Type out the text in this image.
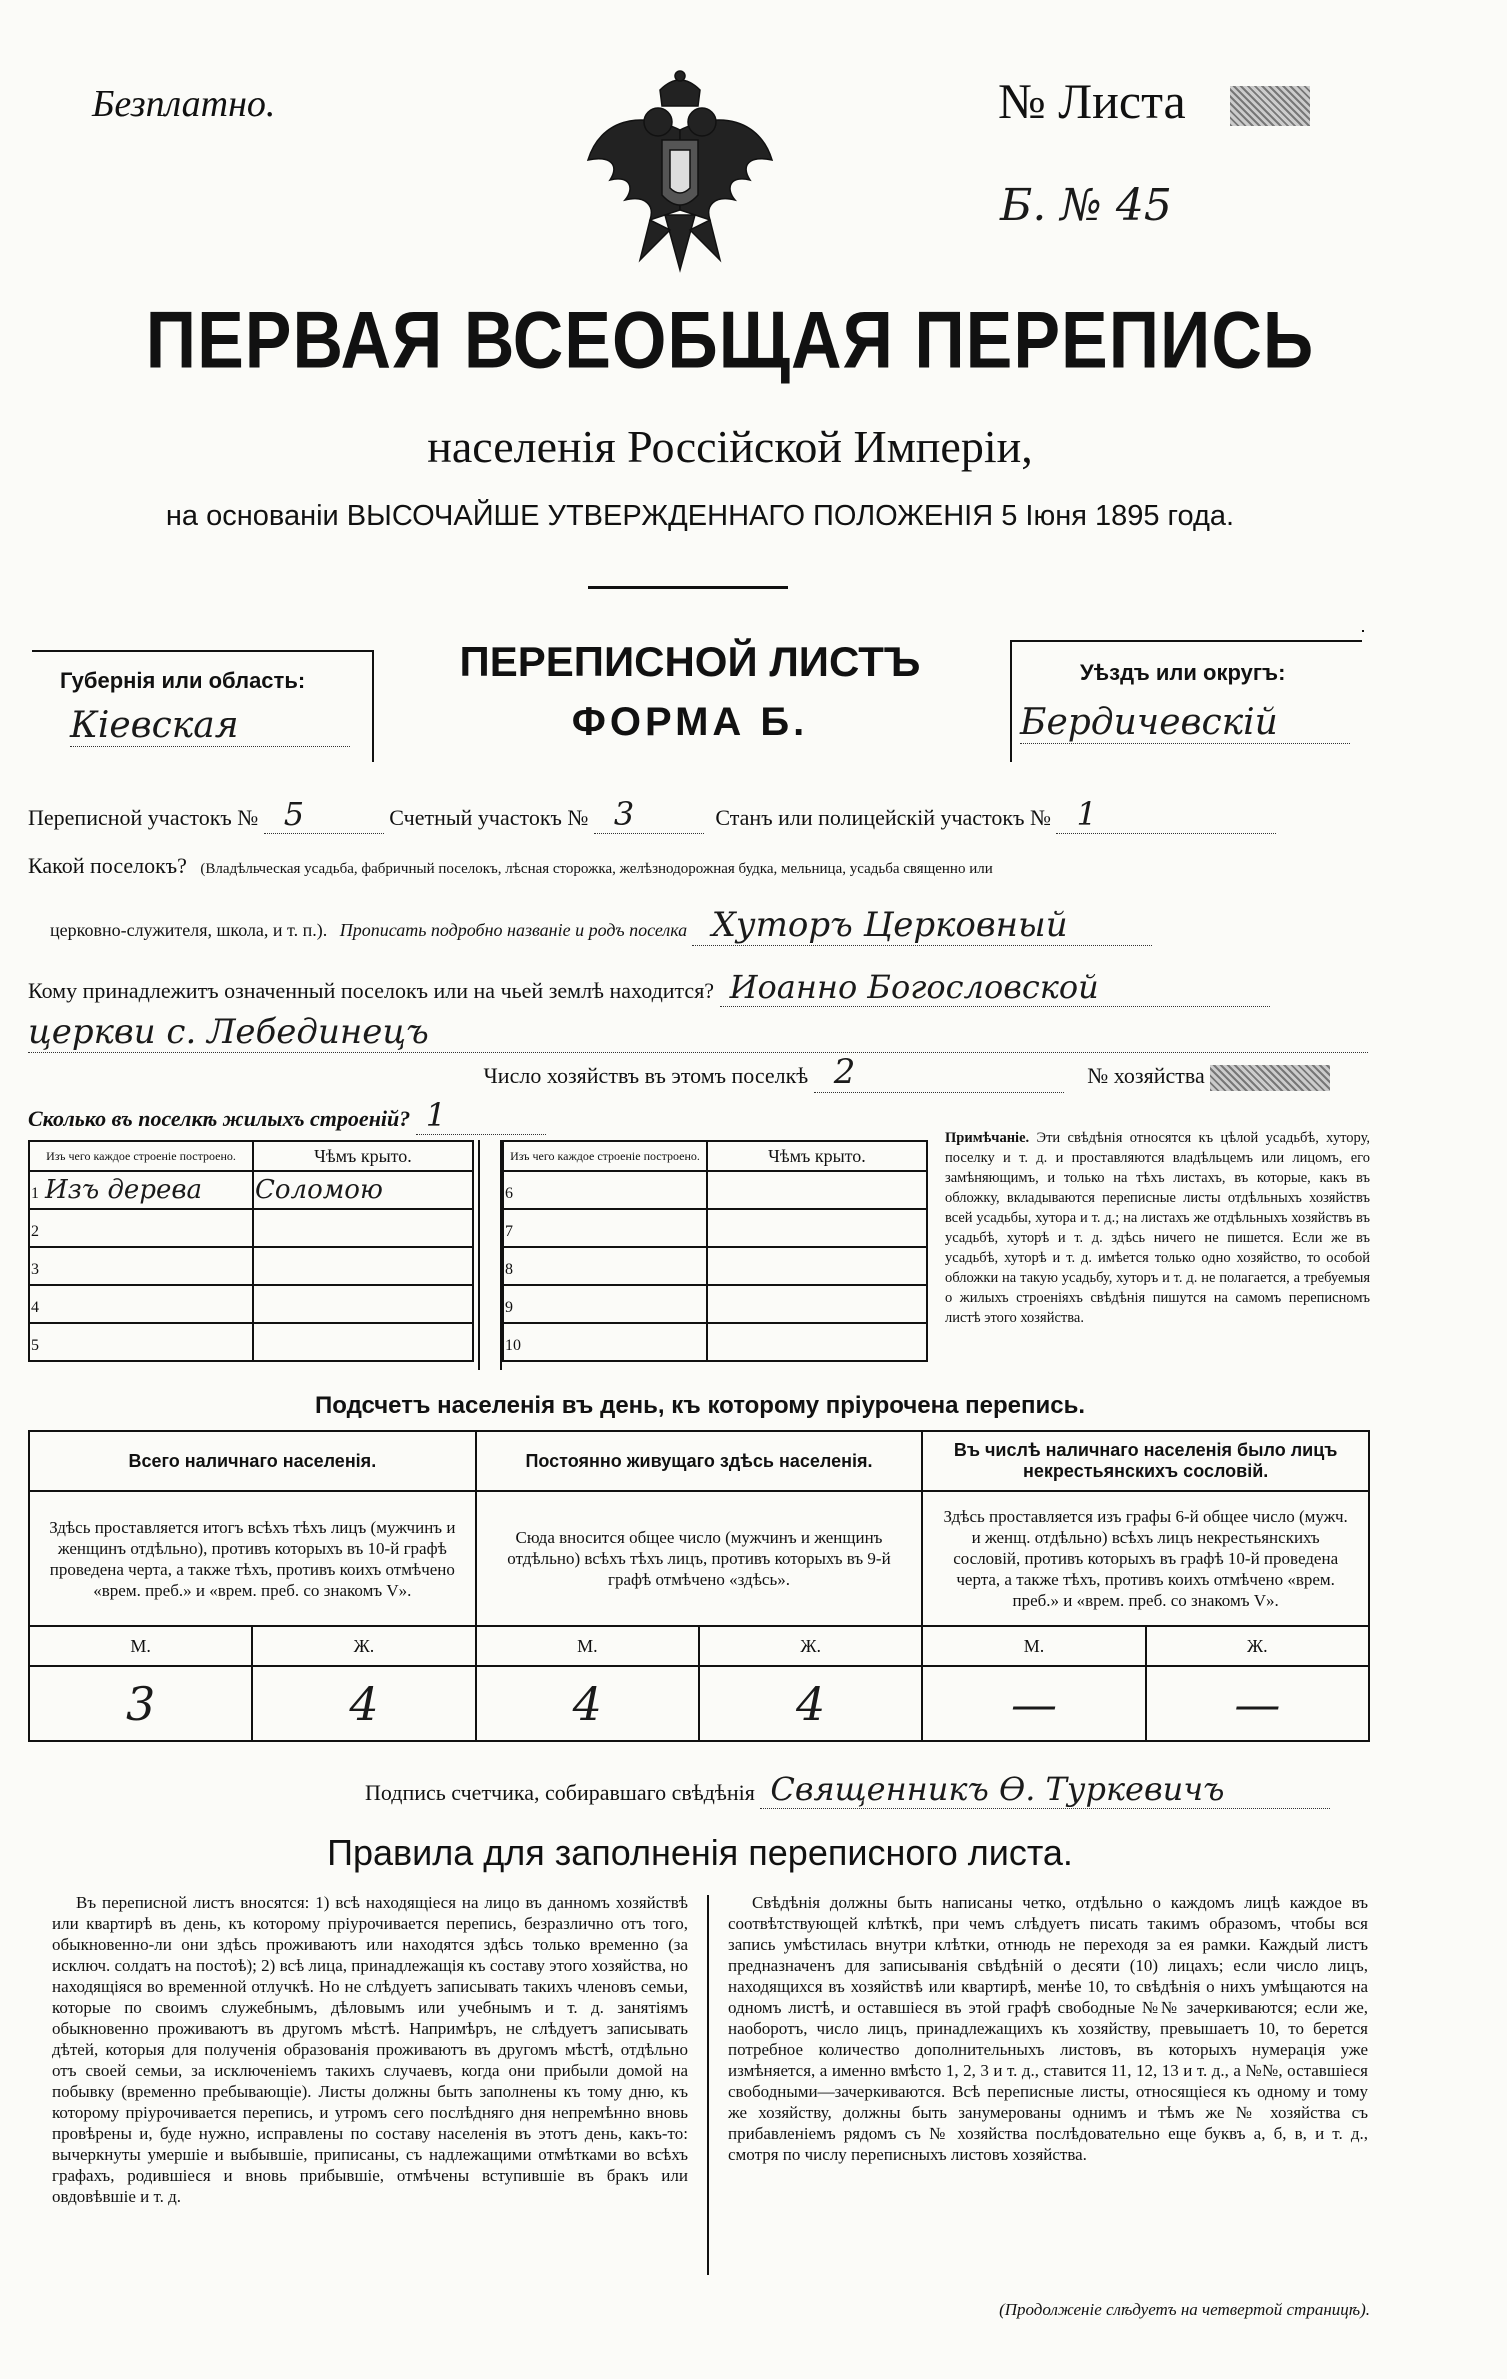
Безплатно.	№ Листа
Б. № 45
ПЕРВАЯ ВСЕОБЩАЯ ПЕРЕПИСЬ
населенія Россійской Имперіи,
на основаніи ВЫСОЧАЙШЕ УТВЕРЖДЕННАГО ПОЛОЖЕНІЯ 5 Іюня 1895 года.
Губернія или область:
Кіевская
ПЕРЕПИСНОЙ ЛИСТЪ
ФОРМА Б.
Уѣздъ или округъ:
Бердичевскій
Переписной участокъ № 5	Счетный участокъ № 3	Станъ или полицейскій участокъ № 1
Какой поселокъ? (Владѣльческая усадьба, фабричный поселокъ, лѣсная сторожка, желѣзнодорожная будка, мельница, усадьба священно или
церковно-служителя, школа, и т. п.). Прописать подробно названіе и родъ поселка Хуторъ Церковный
Кому принадлежитъ означенный поселокъ или на чьей землѣ находится? Иоанно Богословской
церкви с. Лебединецъ
Число хозяйствъ въ этомъ поселкѣ 2	№ хозяйства
Сколько въ поселкѣ жилыхъ строеній? 1
Изъ чего каждое строеніе построено.	Чѣмъ крыто.
1 Изъ дерева	Соломою
2	
3	
4	
5	
Изъ чего каждое строеніе построено.	Чѣмъ крыто.
6	
7	
8	
9	
10	
Примѣчаніе. Эти свѣдѣнія относятся къ цѣлой усадьбѣ, хутору, поселку и т. д. и проставляются владѣльцемъ или лицомъ, его замѣняющимъ, и только на тѣхъ листахъ, въ которые, какъ въ обложку, вкладываются переписные листы отдѣльныхъ хозяйствъ всей усадьбы, хутора и т. д.; на листахъ же отдѣльныхъ хозяйствъ въ усадьбѣ, хуторѣ и т. д. здѣсь ничего не пишется. Если же въ усадьбѣ, хуторѣ и т. д. имѣется только одно хозяйство, то особой обложки на такую усадьбу, хуторъ и т. д. не полагается, а требуемыя о жилыхъ строеніяхъ свѣдѣнія пишутся на самомъ переписномъ листѣ этого хозяйства.
Подсчетъ населенія въ день, къ которому пріурочена перепись.
Всего наличнаго населенія.		Постоянно живущаго здѣсь населенія.		Въ числѣ наличнаго населенія было лицъ некрестьянскихъ сословій.	
Здѣсь проставляется итогъ всѣхъ тѣхъ лицъ (мужчинъ и женщинъ отдѣльно), противъ которыхъ въ 10-й графѣ проведена черта, а также тѣхъ, противъ коихъ отмѣчено «врем. преб.» и «врем. преб. со знакомъ V».		Сюда вносится общее число (мужчинъ и женщинъ отдѣльно) всѣхъ тѣхъ лицъ, противъ которыхъ въ 9-й графѣ отмѣчено «здѣсь».		Здѣсь проставляется изъ графы 6-й общее число (мужч. и женщ. отдѣльно) всѣхъ лицъ некрестьянскихъ сословій, противъ которыхъ въ графѣ 10-й проведена черта, а также тѣхъ, противъ коихъ отмѣчено «врем. преб.» и «врем. преб. со знакомъ V».	
М.	Ж.	М.	Ж.	М.	Ж.
3	4	4	4	—	—
Подпись счетчика, собиравшаго свѣдѣнія Священникъ Ѳ. Туркевичъ
Правила для заполненія переписного листа.
Въ переписной листъ вносятся: 1) всѣ находящіеся на лицо въ данномъ хозяйствѣ или квартирѣ въ день, къ которому пріурочивается перепись, безразлично отъ того, обыкновенно-ли они здѣсь проживаютъ или находятся здѣсь только временно (за исключ. солдатъ на постоѣ); 2) всѣ лица, принадлежащія къ составу этого хозяйства, но находящіяся во временной отлучкѣ. Но не слѣдуетъ записывать такихъ членовъ семьи, которые по своимъ служебнымъ, дѣловымъ или учебнымъ и т. д. занятіямъ обыкновенно проживаютъ въ другомъ мѣстѣ. Напримѣръ, не слѣдуетъ записывать дѣтей, которыя для полученія образованія проживаютъ въ другомъ мѣстѣ, отдѣльно отъ своей семьи, за исключеніемъ такихъ случаевъ, когда они прибыли домой на побывку (временно пребывающіе). Листы должны быть заполнены къ тому дню, къ которому пріурочивается перепись, и утромъ сего послѣдняго дня непремѣнно вновь провѣрены и, буде нужно, исправлены по составу населенія въ этотъ день, какъ-то: вычеркнуты умершіе и выбывшіе, приписаны, съ надлежащими отмѣтками во всѣхъ графахъ, родившіеся и вновь прибывшіе, отмѣчены вступившіе въ бракъ или овдовѣвшіе и т. д.
Свѣдѣнія должны быть написаны четко, отдѣльно о каждомъ лицѣ каждое въ соотвѣтствующей клѣткѣ, при чемъ слѣдуетъ писать такимъ образомъ, чтобы вся запись умѣстилась внутри клѣтки, отнюдь не переходя за ея рамки. Каждый листъ предназначенъ для записыванія свѣдѣній о десяти (10) лицахъ; если число лицъ, находящихся въ хозяйствѣ или квартирѣ, менѣе 10, то свѣдѣнія о нихъ умѣщаются на одномъ листѣ, и оставшіеся въ этой графѣ свободные №№ зачеркиваются; если же, наоборотъ, число лицъ, принадлежащихъ къ хозяйству, превышаетъ 10, то берется потребное количество дополнительныхъ листовъ, въ которыхъ нумерація уже измѣняется, а именно вмѣсто 1, 2, 3 и т. д., ставится 11, 12, 13 и т. д., а №№, оставшіеся свободными—зачеркиваются. Всѣ переписные листы, относящіеся къ одному и тому же хозяйству, должны быть занумерованы однимъ и тѣмъ же № хозяйства съ прибавленіемъ рядомъ съ № хозяйства послѣдовательно еще буквъ а, б, в, и т. д., смотря по числу переписныхъ листовъ хозяйства.
(Продолженіе слѣдуетъ на четвертой страницѣ).
